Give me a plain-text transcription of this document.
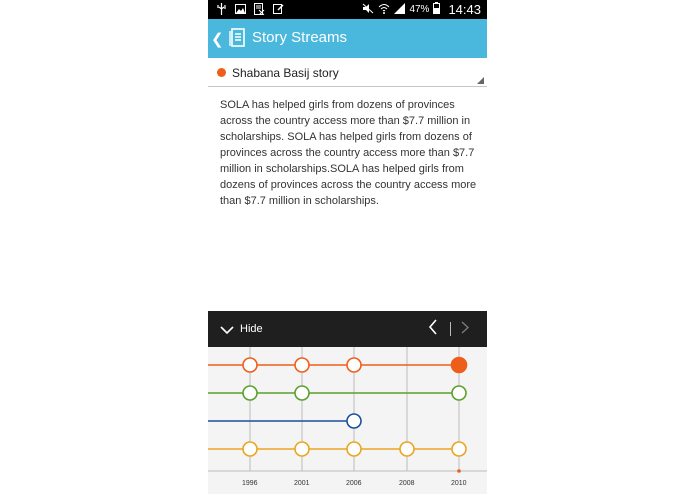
47% 14:43
❮ Story Streams
Shabana Basij story
SOLA has helped girls from dozens of provinces across the country access more than $7.7 million in scholarships. SOLA has helped girls from dozens of provinces across the country access more than $7.7 million in scholarships.SOLA has helped girls from dozens of provinces across the country access more than $7.7 million in scholarships.
Hide
1996	2001	2006	2008	2010
